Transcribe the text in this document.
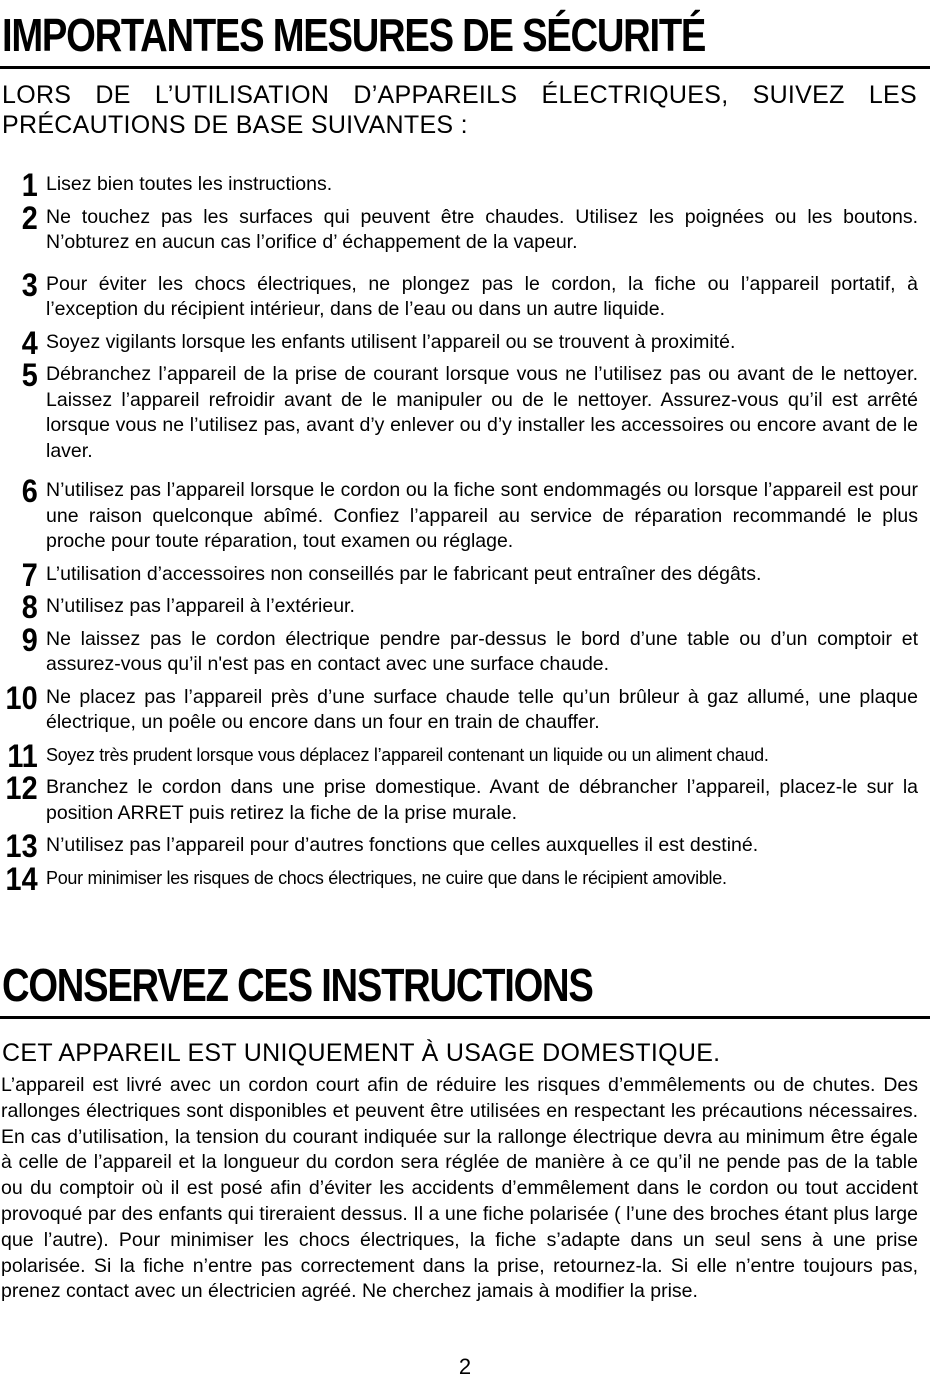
IMPORTANTES MESURES DE SÉCURITÉ

LORS DE L’UTILISATION D’APPAREILS ÉLECTRIQUES, SUIVEZ LES PRÉCAUTIONS DE BASE SUIVANTES :

1 Lisez bien toutes les instructions.
2 Ne touchez pas les surfaces qui peuvent être chaudes. Utilisez les poignées ou les boutons. N’obturez en aucun cas l’orifice d’ échappement de la vapeur.
3 Pour éviter les chocs électriques, ne plongez pas le cordon, la fiche ou l’appareil portatif, à l’exception du récipient intérieur, dans de l’eau ou dans un autre liquide.
4 Soyez vigilants lorsque les enfants utilisent l’appareil ou se trouvent à proximité.
5 Débranchez l’appareil de la prise de courant lorsque vous ne l’utilisez pas ou avant de le nettoyer. Laissez l’appareil refroidir avant de le manipuler ou de le nettoyer. Assurez-vous qu’il est arrêté lorsque vous ne l’utilisez pas, avant d’y enlever ou d’y installer les accessoires ou encore avant de le laver.
6 N’utilisez pas l’appareil lorsque le cordon ou la fiche sont endommagés ou lorsque l’appareil est pour une raison quelconque abîmé. Confiez l’appareil au service de réparation recommandé le plus proche pour toute réparation, tout examen ou réglage.
7 L’utilisation d’accessoires non conseillés par le fabricant peut entraîner des dégâts.
8 N’utilisez pas l’appareil à l’extérieur.
9 Ne laissez pas le cordon électrique pendre par-dessus le bord d’une table ou d’un comptoir et assurez-vous qu’il n'est pas en contact avec une surface chaude.
10 Ne placez pas l’appareil près d’une surface chaude telle qu’un brûleur à gaz allumé, une plaque électrique, un poêle ou encore dans un four en train de chauffer.
11 Soyez très prudent lorsque vous déplacez l’appareil contenant un liquide ou un aliment chaud.
12 Branchez le cordon dans une prise domestique. Avant de débrancher l’appareil, placez-le sur la position ARRET puis retirez la fiche de la prise murale.
13 N’utilisez pas l’appareil pour d’autres fonctions que celles auxquelles il est destiné.
14 Pour minimiser les risques de chocs électriques, ne cuire que dans le récipient amovible.
CONSERVEZ CES INSTRUCTIONS

CET APPAREIL EST UNIQUEMENT À USAGE DOMESTIQUE.

L’appareil est livré avec un cordon court afin de réduire les risques d’emmêlements ou de chutes. Des rallonges électriques sont disponibles et peuvent être utilisées en respectant les précautions nécessaires. En cas d’utilisation, la tension du courant indiquée sur la rallonge électrique devra au minimum être égale à celle de l’appareil et la longueur du cordon sera réglée de manière à ce qu’il ne pende pas de la table ou du comptoir où il est posé afin d’éviter les accidents d’emmêlement dans le cordon ou tout accident provoqué par des enfants qui tireraient dessus. Il a une fiche polarisée ( l’une des broches étant plus large que l’autre). Pour minimiser les chocs électriques, la fiche s’adapte dans un seul sens à une prise polarisée. Si la fiche n’entre pas correctement dans la prise, retournez-la. Si elle n’entre toujours pas, prenez contact avec un électricien agréé. Ne cherchez jamais à modifier la prise.

2
